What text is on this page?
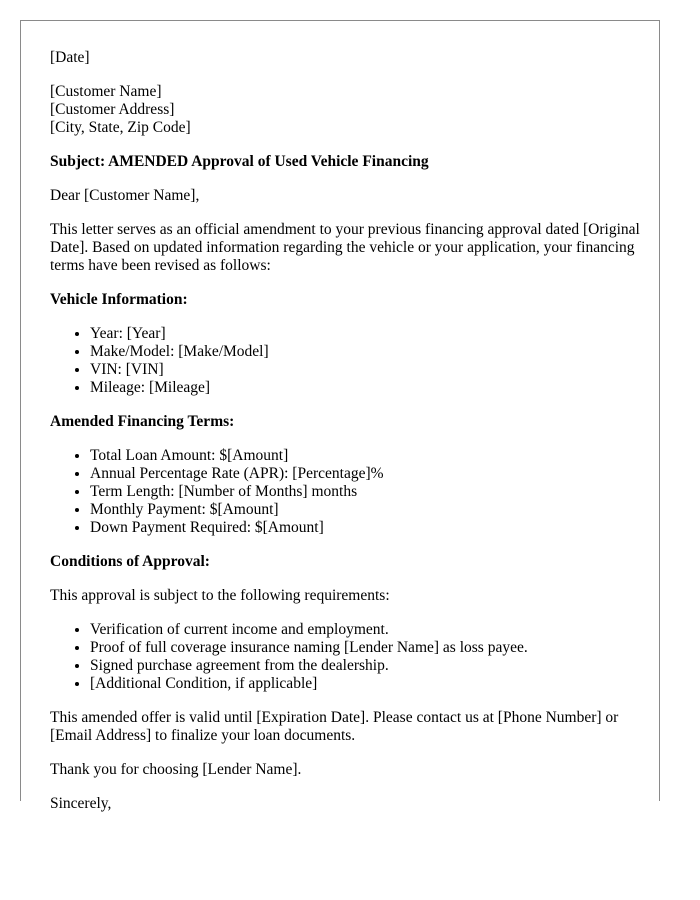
[Date]

[Customer Name]
[Customer Address]
[City, State, Zip Code]

Subject: AMENDED Approval of Used Vehicle Financing

Dear [Customer Name],

This letter serves as an official amendment to your previous financing approval dated [Original Date]. Based on updated information regarding the vehicle or your application, your financing terms have been revised as follows:

Vehicle Information:

• Year: [Year]
• Make/Model: [Make/Model]
• VIN: [VIN]
• Mileage: [Mileage]

Amended Financing Terms:

• Total Loan Amount: $[Amount]
• Annual Percentage Rate (APR): [Percentage]%
• Term Length: [Number of Months] months
• Monthly Payment: $[Amount]
• Down Payment Required: $[Amount]

Conditions of Approval:

This approval is subject to the following requirements:

• Verification of current income and employment.
• Proof of full coverage insurance naming [Lender Name] as loss payee.
• Signed purchase agreement from the dealership.
• [Additional Condition, if applicable]

This amended offer is valid until [Expiration Date]. Please contact us at [Phone Number] or [Email Address] to finalize your loan documents.

Thank you for choosing [Lender Name].

Sincerely,
